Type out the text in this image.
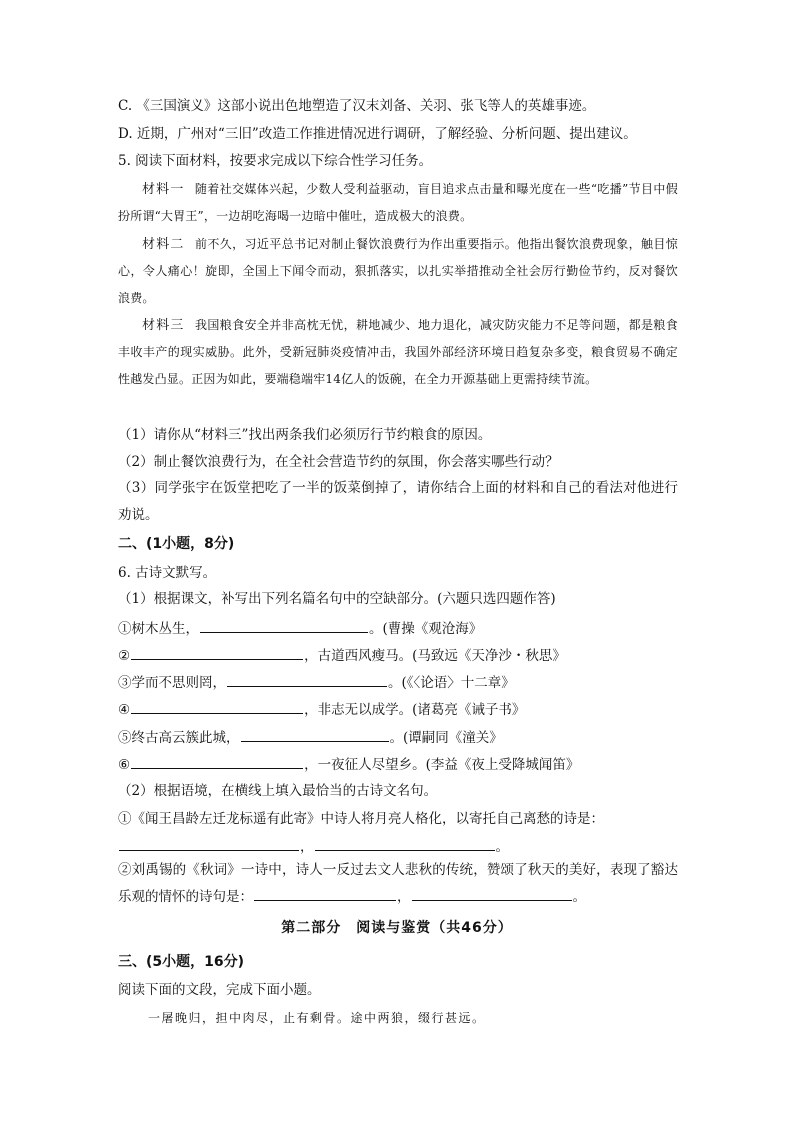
C. 《三国演义》这部小说出色地塑造了汉末刘备、关羽、张飞等人的英雄事迹。
D. 近期，广州对“三旧”改造工作推进情况进行调研，了解经验、分析问题、提出建议。
5. 阅读下面材料，按要求完成以下综合性学习任务。
材料一 随着社交媒体兴起，少数人受利益驱动，盲目追求点击量和曝光度在一些“吃播”节目中假扮所谓“大胃王”，一边胡吃海喝一边暗中催吐，造成极大的浪费。
材料二 前不久，习近平总书记对制止餐饮浪费行为作出重要指示。他指出餐饮浪费现象，触目惊心，令人痛心！旋即，全国上下闻令而动，狠抓落实，以扎实举措推动全社会厉行勤俭节约，反对餐饮浪费。
材料三 我国粮食安全并非高枕无忧，耕地减少、地力退化，减灾防灾能力不足等问题，都是粮食丰收丰产的现实威胁。此外，受新冠肺炎疫情冲击，我国外部经济环境日趋复杂多变，粮食贸易不确定性越发凸显。正因为如此，要端稳端牢14亿人的饭碗，在全力开源基础上更需持续节流。
（1）请你从“材料三”找出两条我们必须厉行节约粮食的原因。
（2）制止餐饮浪费行为，在全社会营造节约的氛围，你会落实哪些行动？
（3）同学张宇在饭堂把吃了一半的饭菜倒掉了，请你结合上面的材料和自己的看法对他进行劝说。
二、(1小题，8分)
6. 古诗文默写。
（1）根据课文，补写出下列名篇名句中的空缺部分。(六题只选四题作答)
①树木丛生，	。(曹操《观沧海》
②	，古道西风瘦马。(马致远《天净沙・秋思》
③学而不思则罔，	。(《〈论语〉十二章》
④	，非志无以成学。(诸葛亮《诫子书》
⑤终古高云簇此城，	。(谭嗣同《潼关》
⑥	，一夜征人尽望乡。(李益《夜上受降城闻笛》
（2）根据语境，在横线上填入最恰当的古诗文名句。
①《闻王昌龄左迁龙标遥有此寄》中诗人将月亮人格化，以寄托自己离愁的诗是：
，	。
②刘禹锡的《秋词》一诗中，诗人一反过去文人悲秋的传统，赞颂了秋天的美好，表现了豁达乐观的情怀的诗句是：	，	。
第二部分　阅读与鉴赏（共46分）
三、(5小题，16分)
阅读下面的文段，完成下面小题。
一屠晚归，担中肉尽，止有剩骨。途中两狼，缀行甚远。
